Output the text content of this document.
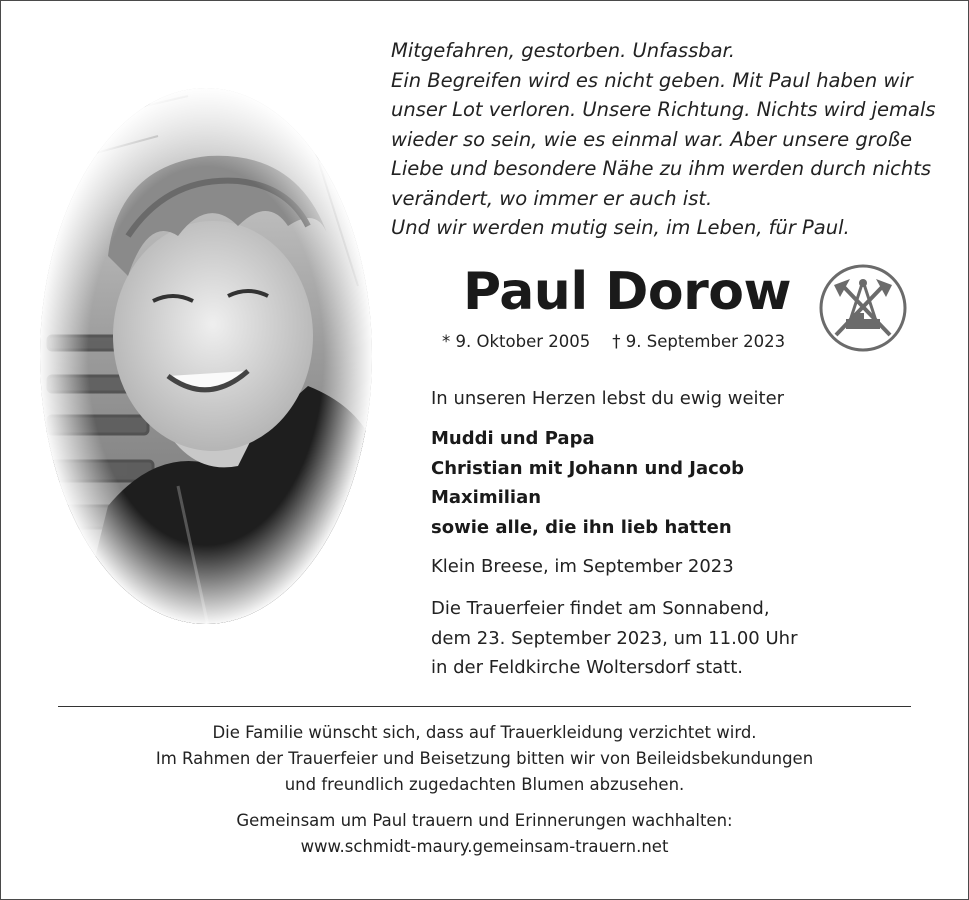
Mitgefahren, gestorben. Unfassbar.
Ein Begreifen wird es nicht geben. Mit Paul haben wir
unser Lot verloren. Unsere Richtung. Nichts wird jemals
wieder so sein, wie es einmal war. Aber unsere große
Liebe und besondere Nähe zu ihm werden durch nichts
verändert, wo immer er auch ist.
Und wir werden mutig sein, im Leben, für Paul.
Paul Dorow
* 9. Oktober 2005 † 9. September 2023
In unseren Herzen lebst du ewig weiter
Muddi und Papa
Christian mit Johann und Jacob
Maximilian
sowie alle, die ihn lieb hatten
Klein Breese, im September 2023
Die Trauerfeier findet am Sonnabend,
dem 23. September 2023, um 11.00 Uhr
in der Feldkirche Woltersdorf statt.
Die Familie wünscht sich, dass auf Trauerkleidung verzichtet wird.
Im Rahmen der Trauerfeier und Beisetzung bitten wir von Beileidsbekundungen
und freundlich zugedachten Blumen abzusehen.
Gemeinsam um Paul trauern und Erinnerungen wachhalten:
www.schmidt-maury.gemeinsam-trauern.net
